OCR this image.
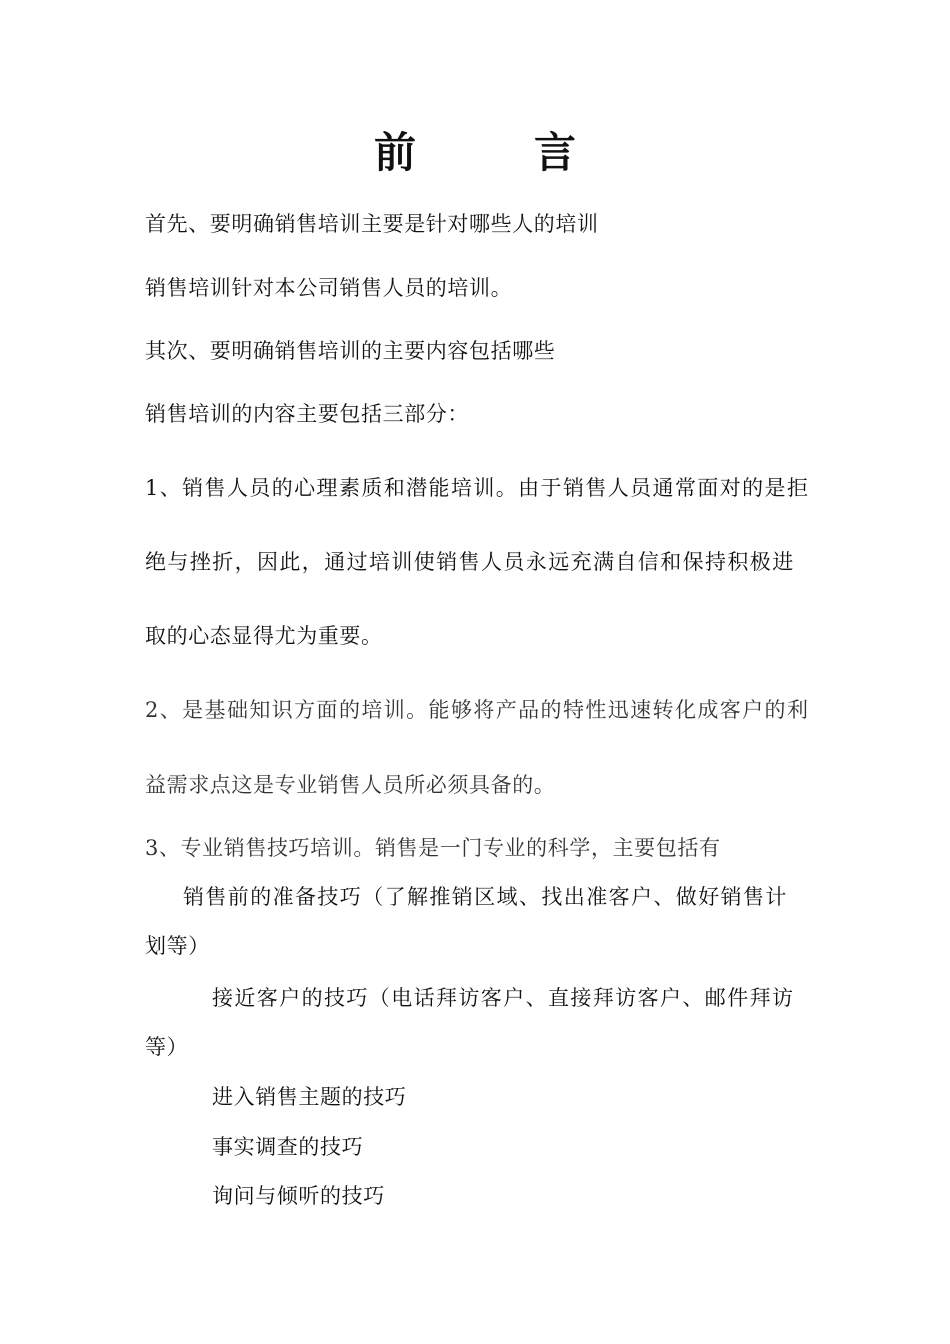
前　言
首先、要明确销售培训主要是针对哪些人的培训
销售培训针对本公司销售人员的培训。
其次、要明确销售培训的主要内容包括哪些
销售培训的内容主要包括三部分：
1、销售人员的心理素质和潜能培训。由于销售人员通常面对的是拒
绝与挫折，因此，通过培训使销售人员永远充满自信和保持积极进
取的心态显得尤为重要。
2、是基础知识方面的培训。能够将产品的特性迅速转化成客户的利
益需求点这是专业销售人员所必须具备的。
3、专业销售技巧培训。销售是一门专业的科学，主要包括有
销售前的准备技巧（了解推销区域、找出准客户、做好销售计
划等）
接近客户的技巧（电话拜访客户、直接拜访客户、邮件拜访
等）
进入销售主题的技巧
事实调查的技巧
询问与倾听的技巧
